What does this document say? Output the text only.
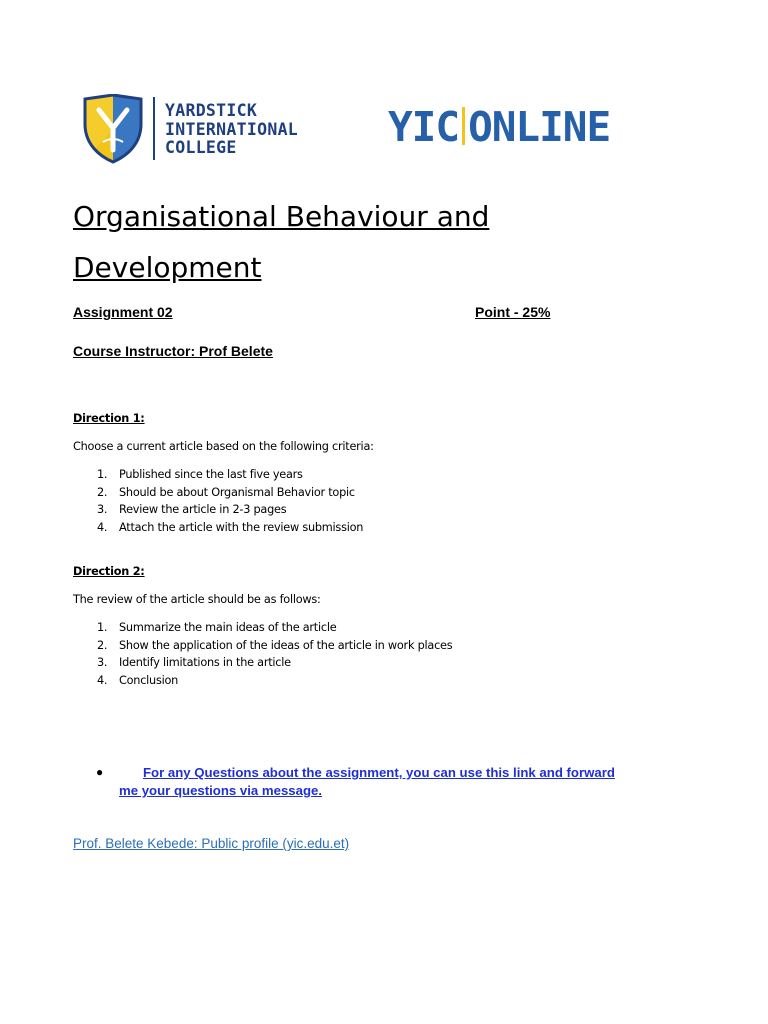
YARDSTICK
INTERNATIONAL
COLLEGE	YIC ONLINE
Organisational Behaviour and
Development
Assignment 02	Point - 25%
Course Instructor: Prof Belete
Direction 1:
Choose a current article based on the following criteria:
1.	Published since the last five years
2.	Should be about Organismal Behavior topic
3.	Review the article in 2-3 pages
4.	Attach the article with the review submission
Direction 2:
The review of the article should be as follows:
1.	Summarize the main ideas of the article
2.	Show the application of the ideas of the article in work places
3.	Identify limitations in the article
4.	Conclusion
●	For any Questions about the assignment, you can use this link and forward
me your questions via message.
Prof. Belete Kebede: Public profile (yic.edu.et)
